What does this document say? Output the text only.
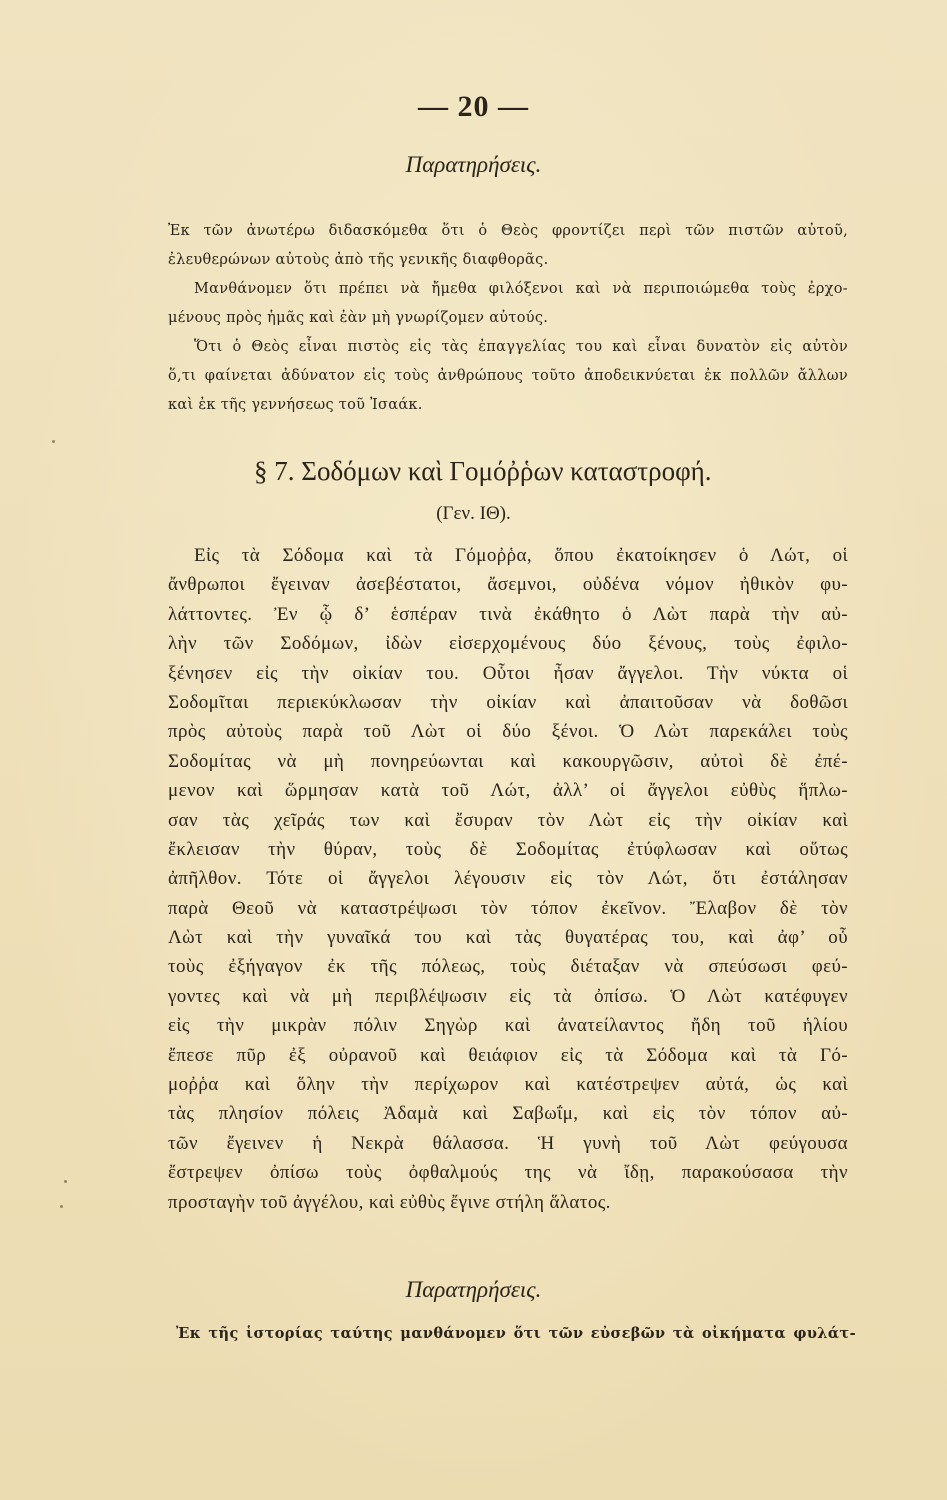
— 20 —
Παρατηρήσεις.
Ἐκ τῶν ἀνωτέρω διδασκόμεθα ὅτι ὁ Θεὸς φροντίζει περὶ τῶν πιστῶν αὐτοῦ,
ἐλευθερώνων αὐτοὺς ἀπὸ τῆς γενικῆς διαφθορᾶς.
Μανθάνομεν ὅτι πρέπει νὰ ἤμεθα φιλόξενοι καὶ νὰ περιποιώμεθα τοὺς ἐρχο-
μένους πρὸς ἡμᾶς καὶ ἐὰν μὴ γνωρίζομεν αὐτούς.
Ὅτι ὁ Θεὸς εἶναι πιστὸς εἰς τὰς ἐπαγγελίας του καὶ εἶναι δυνατὸν εἰς αὐτὸν
ὅ,τι φαίνεται ἀδύνατον εἰς τοὺς ἀνθρώπους τοῦτο ἀποδεικνύεται ἐκ πολλῶν ἄλλων
καὶ ἐκ τῆς γεννήσεως τοῦ Ἰσαάκ.
§ 7. Σοδόμων καὶ Γομόῤῥων καταστροφή.
(Γεν. ΙΘ).
Εἰς τὰ Σόδομα καὶ τὰ Γόμοῤῥα, ὅπου ἐκατοίκησεν ὁ Λώτ, οἱ
ἄνθρωποι ἔγειναν ἀσεβέστατοι, ἄσεμνοι, οὐδένα νόμον ἠθικὸν φυ-
λάττοντες. Ἐν ᾧ δ’ ἑσπέραν τινὰ ἐκάθητο ὁ Λὼτ παρὰ τὴν αὐ-
λὴν τῶν Σοδόμων, ἰδὼν εἰσερχομένους δύο ξένους, τοὺς ἐφιλο-
ξένησεν εἰς τὴν οἰκίαν του. Οὗτοι ἦσαν ἄγγελοι. Τὴν νύκτα οἱ
Σοδομῖται περιεκύκλωσαν τὴν οἰκίαν καὶ ἀπαιτοῦσαν νὰ δοθῶσι
πρὸς αὐτοὺς παρὰ τοῦ Λὼτ οἱ δύο ξένοι. Ὁ Λὼτ παρεκάλει τοὺς
Σοδομίτας νὰ μὴ πονηρεύωνται καὶ κακουργῶσιν, αὐτοὶ δὲ ἐπέ-
μενον καὶ ὥρμησαν κατὰ τοῦ Λώτ, ἀλλ’ οἱ ἄγγελοι εὐθὺς ἥπλω-
σαν τὰς χεῖράς των καὶ ἔσυραν τὸν Λὼτ εἰς τὴν οἰκίαν καὶ
ἔκλεισαν τὴν θύραν, τοὺς δὲ Σοδομίτας ἐτύφλωσαν καὶ οὕτως
ἀπῆλθον. Τότε οἱ ἄγγελοι λέγουσιν εἰς τὸν Λώτ, ὅτι ἐστάλησαν
παρὰ Θεοῦ νὰ καταστρέψωσι τὸν τόπον ἐκεῖνον. Ἔλαβον δὲ τὸν
Λὼτ καὶ τὴν γυναῖκά του καὶ τὰς θυγατέρας του, καὶ ἀφ’ οὗ
τοὺς ἐξήγαγον ἐκ τῆς πόλεως, τοὺς διέταξαν νὰ σπεύσωσι φεύ-
γοντες καὶ νὰ μὴ περιβλέψωσιν εἰς τὰ ὀπίσω. Ὁ Λὼτ κατέφυγεν
εἰς τὴν μικρὰν πόλιν Σηγὼρ καὶ ἀνατείλαντος ἤδη τοῦ ἡλίου
ἔπεσε πῦρ ἐξ οὐρανοῦ καὶ θειάφιον εἰς τὰ Σόδομα καὶ τὰ Γό-
μοῤῥα καὶ ὅλην τὴν περίχωρον καὶ κατέστρεψεν αὐτά, ὡς καὶ
τὰς πλησίον πόλεις Ἀδαμὰ καὶ Σαβωΐμ, καὶ εἰς τὸν τόπον αὐ-
τῶν ἔγεινεν ἡ Νεκρὰ θάλασσα. Ἡ γυνὴ τοῦ Λὼτ φεύγουσα
ἔστρεψεν ὀπίσω τοὺς ὀφθαλμούς της νὰ ἴδῃ, παρακούσασα τὴν
προσταγὴν τοῦ ἀγγέλου, καὶ εὐθὺς ἔγινε στήλη ἅλατος.
Παρατηρήσεις.
Ἐκ τῆς ἱστορίας ταύτης μανθάνομεν ὅτι τῶν εὐσεβῶν τὰ οἰκήματα φυλάτ-
